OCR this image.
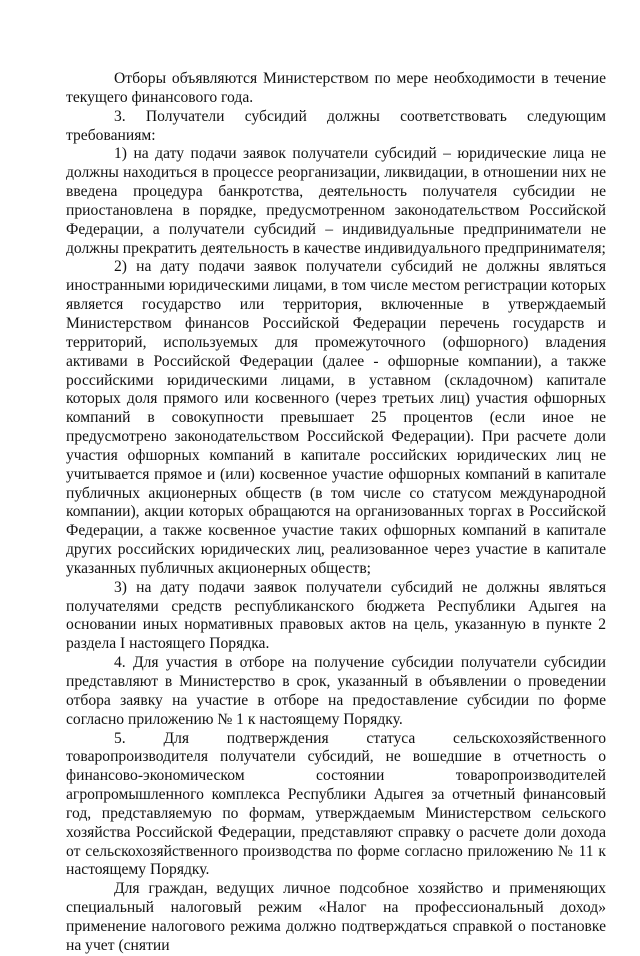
Отборы объявляются Министерством по мере необходимости в течение текущего финансового года.

3. Получатели субсидий должны соответствовать следующим требованиям:

1) на дату подачи заявок получатели субсидий – юридические лица не должны находиться в процессе реорганизации, ликвидации, в отношении них не введена процедура банкротства, деятельность получателя субсидии не приостановлена в порядке, предусмотренном законодательством Российской Федерации, а получатели субсидий – индивидуальные предприниматели не должны прекратить деятельность в качестве индивидуального предпринимателя;

2) на дату подачи заявок получатели субсидий не должны являться иностранными юридическими лицами, в том числе местом регистрации которых является государство или территория, включенные в утверждаемый Министерством финансов Российской Федерации перечень государств и территорий, используемых для промежуточного (офшорного) владения активами в Российской Федерации (далее - офшорные компании), а также российскими юридическими лицами, в уставном (складочном) капитале которых доля прямого или косвенного (через третьих лиц) участия офшорных компаний в совокупности превышает 25 процентов (если иное не предусмотрено законодательством Российской Федерации). При расчете доли участия офшорных компаний в капитале российских юридических лиц не учитывается прямое и (или) косвенное участие офшорных компаний в капитале публичных акционерных обществ (в том числе со статусом международной компании), акции которых обращаются на организованных торгах в Российской Федерации, а также косвенное участие таких офшорных компаний в капитале других российских юридических лиц, реализованное через участие в капитале указанных публичных акционерных обществ;

3) на дату подачи заявок получатели субсидий не должны являться получателями средств республиканского бюджета Республики Адыгея на основании иных нормативных правовых актов на цель, указанную в пункте 2 раздела I настоящего Порядка.

4. Для участия в отборе на получение субсидии получатели субсидии представляют в Министерство в срок, указанный в объявлении о проведении отбора заявку на участие в отборе на предоставление субсидии по форме согласно приложению № 1 к настоящему Порядку.

5. Для подтверждения статуса сельскохозяйственного товаропроизводителя получатели субсидий, не вошедшие в отчетность о финансово-экономическом состоянии товаропроизводителей агропромышленного комплекса Республики Адыгея за отчетный финансовый год, представляемую по формам, утверждаемым Министерством сельского хозяйства Российской Федерации, представляют справку о расчете доли дохода от сельскохозяйственного производства по форме согласно приложению № 11 к настоящему Порядку.

Для граждан, ведущих личное подсобное хозяйство и применяющих специальный налоговый режим «Налог на профессиональный доход» применение налогового режима должно подтверждаться справкой о постановке на учет (снятии
